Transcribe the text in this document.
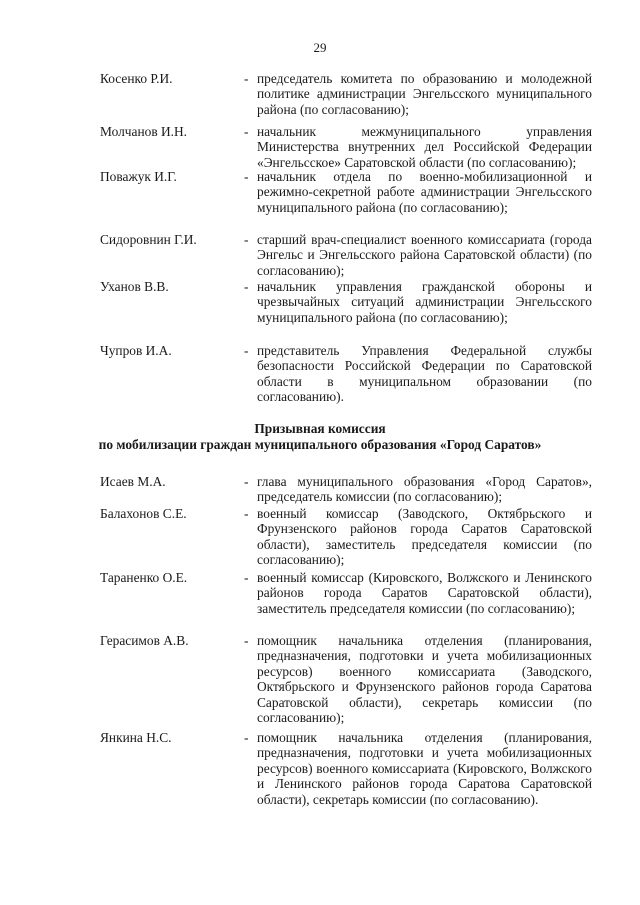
29
Косенко Р.И.	- председатель комитета по образованию и молодежной политике администрации Энгельсского муниципального района (по согласованию);
Молчанов И.Н.	- начальник межмуниципального управления Министерства внутренних дел Российской Федерации «Энгельсское» Саратовской области (по согласованию);
Поважук И.Г.	- начальник отдела по военно-мобилизационной и режимно-секретной работе администрации Энгельсского муниципального района (по согласованию);
Сидоровнин Г.И.	- старший врач-специалист военного комиссариата (города Энгельс и Энгельсского района Саратовской области) (по согласованию);
Уханов В.В.	- начальник управления гражданской обороны и чрезвычайных ситуаций администрации Энгельсского муниципального района (по согласованию);
Чупров И.А.	- представитель Управления Федеральной службы безопасности Российской Федерации по Саратовской области в муниципальном образовании (по согласованию).
Призывная комиссия
по мобилизации граждан муниципального образования «Город Саратов»
Исаев М.А.	- глава муниципального образования «Город Саратов», председатель комиссии (по согласованию);
Балахонов С.Е.	- военный комиссар (Заводского, Октябрьского и Фрунзенского районов города Саратов Саратовской области), заместитель председателя комиссии (по согласованию);
Тараненко О.Е.	- военный комиссар (Кировского, Волжского и Ленинского районов города Саратов Саратовской области), заместитель председателя комиссии (по согласованию);
Герасимов А.В.	- помощник начальника отделения (планирования, предназначения, подготовки и учета мобилизационных ресурсов) военного комиссариата (Заводского, Октябрьского и Фрунзенского районов города Саратова Саратовской области), секретарь комиссии (по согласованию);
Янкина Н.С.	- помощник начальника отделения (планирования, предназначения, подготовки и учета мобилизационных ресурсов) военного комиссариата (Кировского, Волжского и Ленинского районов города Саратова Саратовской области), секретарь комиссии (по согласованию).
